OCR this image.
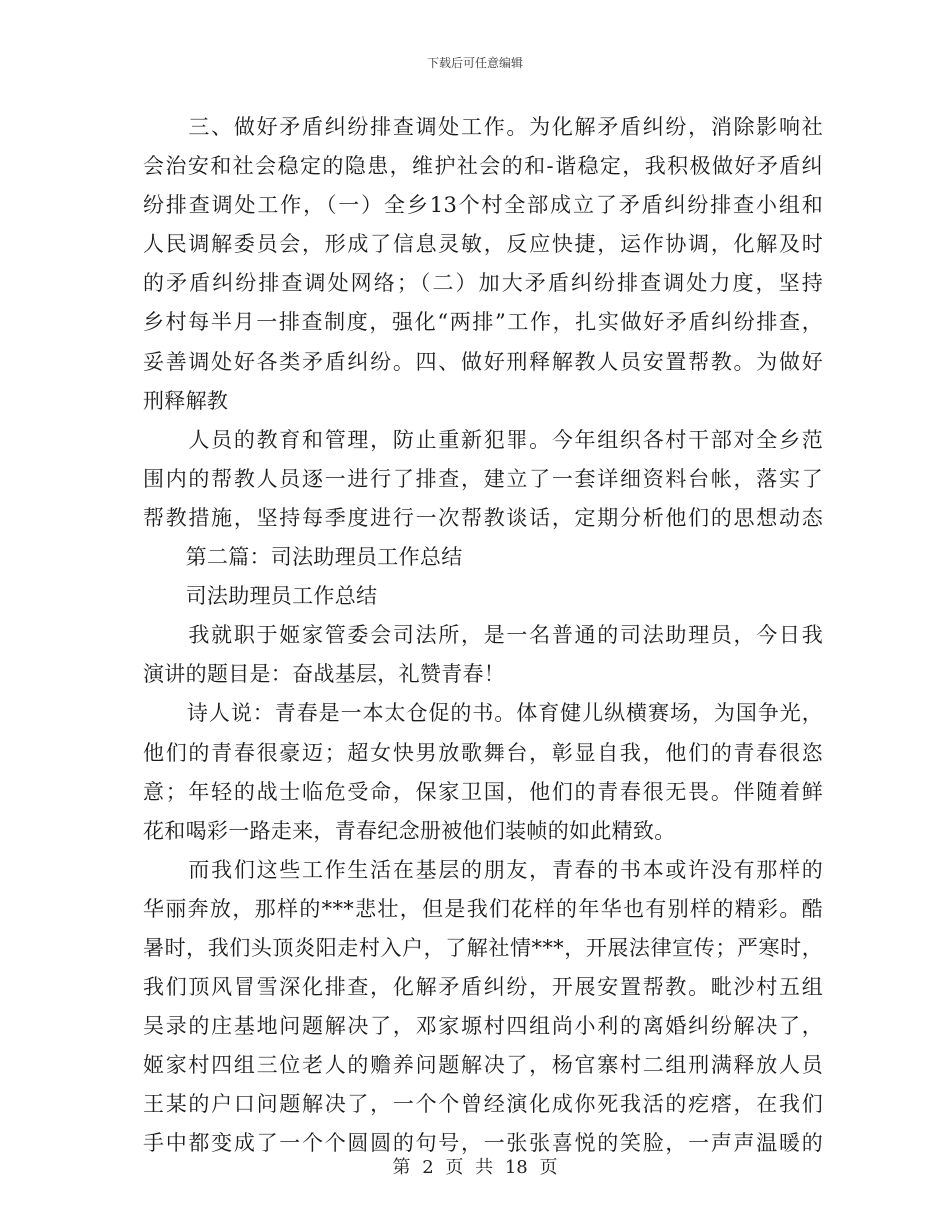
下载后可任意编辑
　　三、做好矛盾纠纷排查调处工作。为化解矛盾纠纷，消除影响社
会治安和社会稳定的隐患，维护社会的和-谐稳定，我积极做好矛盾纠
纷排查调处工作，（一）全乡13个村全部成立了矛盾纠纷排查小组和
人民调解委员会，形成了信息灵敏，反应快捷，运作协调，化解及时
的矛盾纠纷排查调处网络；（二）加大矛盾纠纷排查调处力度，坚持
乡村每半月一排查制度，强化“两排”工作，扎实做好矛盾纠纷排查，
妥善调处好各类矛盾纠纷。四、做好刑释解教人员安置帮教。为做好
刑释解教
　　人员的教育和管理，防止重新犯罪。今年组织各村干部对全乡范
围内的帮教人员逐一进行了排查，建立了一套详细资料台帐，落实了
帮教措施，坚持每季度进行一次帮教谈话，定期分析他们的思想动态
　　第二篇：司法助理员工作总结
　　司法助理员工作总结
　　我就职于姬家管委会司法所，是一名普通的司法助理员，今日我
演讲的题目是：奋战基层，礼赞青春！
　　诗人说：青春是一本太仓促的书。体育健儿纵横赛场，为国争光，
他们的青春很豪迈；超女快男放歌舞台，彰显自我，他们的青春很恣
意；年轻的战士临危受命，保家卫国，他们的青春很无畏。伴随着鲜
花和喝彩一路走来，青春纪念册被他们装帧的如此精致。
　　而我们这些工作生活在基层的朋友，青春的书本或许没有那样的
华丽奔放，那样的***悲壮，但是我们花样的年华也有别样的精彩。酷
暑时，我们头顶炎阳走村入户，了解社情***，开展法律宣传；严寒时，
我们顶风冒雪深化排查，化解矛盾纠纷，开展安置帮教。毗沙村五组
吴录的庄基地问题解决了，邓家塬村四组尚小利的离婚纠纷解决了，
姬家村四组三位老人的赡养问题解决了，杨官寨村二组刑满释放人员
王某的户口问题解决了，一个个曾经演化成你死我活的疙瘩，在我们
手中都变成了一个个圆圆的句号，一张张喜悦的笑脸，一声声温暖的
第 2 页 共 18 页
